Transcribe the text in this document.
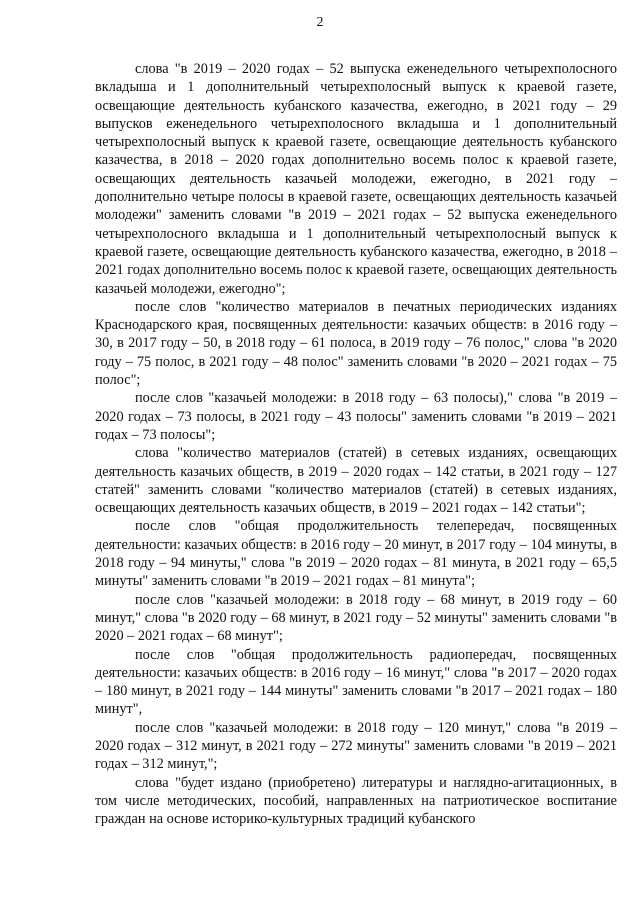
2

слова "в 2019 – 2020 годах – 52 выпуска еженедельного четырехполосного вкладыша и 1 дополнительный четырехполосный выпуск к краевой газете, освещающие деятельность кубанского казачества, ежегодно, в 2021 году – 29 выпусков еженедельного четырехполосного вкладыша и 1 дополнительный четырехполосный выпуск к краевой газете, освещающие деятельность кубанского казачества, в 2018 – 2020 годах дополнительно восемь полос к краевой газете, освещающих деятельность казачьей молодежи, ежегодно, в 2021 году – дополнительно четыре полосы в краевой газете, освещающих деятельность казачьей молодежи" заменить словами "в 2019 – 2021 годах – 52 выпуска еженедельного четырехполосного вкладыша и 1 дополнительный четырехполосный выпуск к краевой газете, освещающие деятельность кубанского казачества, ежегодно, в 2018 – 2021 годах дополнительно восемь полос к краевой газете, освещающих деятельность казачьей молодежи, ежегодно";

после слов "количество материалов в печатных периодических изданиях Краснодарского края, посвященных деятельности: казачьих обществ: в 2016 году – 30, в 2017 году – 50, в 2018 году – 61 полоса, в 2019 году – 76 полос," слова "в 2020 году – 75 полос, в 2021 году – 48 полос" заменить словами "в 2020 – 2021 годах – 75 полос";

после слов "казачьей молодежи: в 2018 году – 63 полосы)," слова "в 2019 – 2020 годах – 73 полосы, в 2021 году – 43 полосы" заменить словами "в 2019 – 2021 годах – 73 полосы";

слова "количество материалов (статей) в сетевых изданиях, освещающих деятельность казачьих обществ, в 2019 – 2020 годах – 142 статьи, в 2021 году – 127 статей" заменить словами "количество материалов (статей) в сетевых изданиях, освещающих деятельность казачьих обществ, в 2019 – 2021 годах – 142 статьи";

после слов "общая продолжительность телепередач, посвященных деятельности: казачьих обществ: в 2016 году – 20 минут, в 2017 году – 104 минуты, в 2018 году – 94 минуты," слова "в 2019 – 2020 годах – 81 минута, в 2021 году – 65,5 минуты" заменить словами "в 2019 – 2021 годах – 81 минута";

после слов "казачьей молодежи: в 2018 году – 68 минут, в 2019 году – 60 минут," слова "в 2020 году – 68 минут, в 2021 году – 52 минуты" заменить словами "в 2020 – 2021 годах – 68 минут";

после слов "общая продолжительность радиопередач, посвященных деятельности: казачьих обществ: в 2016 году – 16 минут," слова "в 2017 – 2020 годах – 180 минут, в 2021 году – 144 минуты" заменить словами "в 2017 – 2021 годах – 180 минут",

после слов "казачьей молодежи: в 2018 году – 120 минут," слова "в 2019 – 2020 годах – 312 минут, в 2021 году – 272 минуты" заменить словами "в 2019 – 2021 годах – 312 минут,";

слова "будет издано (приобретено) литературы и наглядно-агитационных, в том числе методических, пособий, направленных на патриотическое воспитание граждан на основе историко-культурных традиций кубанского
